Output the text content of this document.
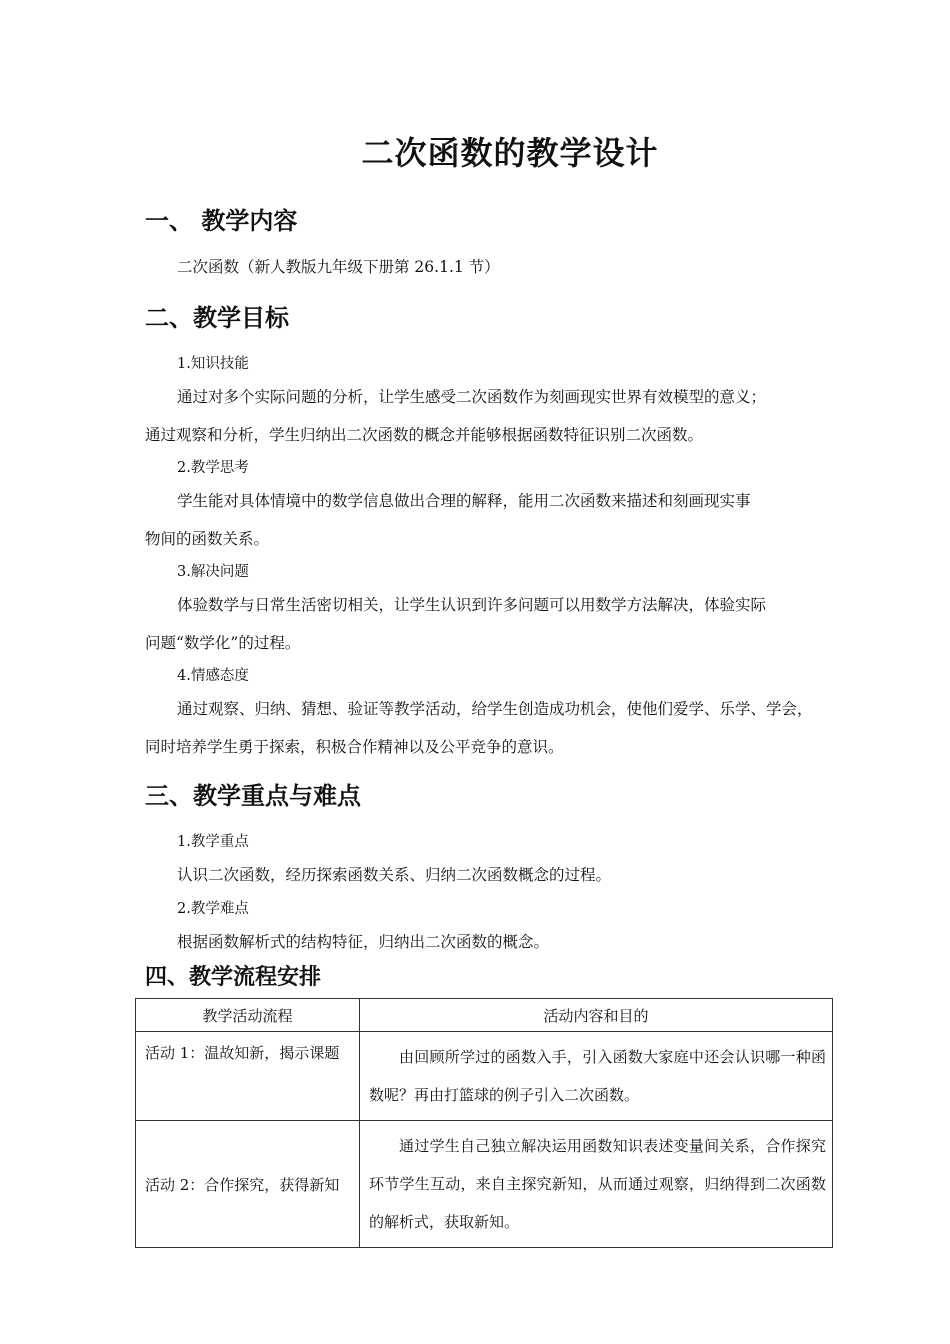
二次函数的教学设计
一、 教学内容
二次函数（新人教版九年级下册第 26.1.1 节）
二、教学目标
1.知识技能
通过对多个实际问题的分析，让学生感受二次函数作为刻画现实世界有效模型的意义；
通过观察和分析，学生归纳出二次函数的概念并能够根据函数特征识别二次函数。
2.教学思考
学生能对具体情境中的数学信息做出合理的解释，能用二次函数来描述和刻画现实事
物间的函数关系。
3.解决问题
体验数学与日常生活密切相关，让学生认识到许多问题可以用数学方法解决，体验实际
问题“数学化”的过程。
4.情感态度
通过观察、归纳、猜想、验证等教学活动，给学生创造成功机会，使他们爱学、乐学、学会，
同时培养学生勇于探索，积极合作精神以及公平竞争的意识。
三、教学重点与难点
1.教学重点
认识二次函数，经历探索函数关系、归纳二次函数概念的过程。
2.教学难点
根据函数解析式的结构特征，归纳出二次函数的概念。
四、教学流程安排
教学活动流程	活动内容和目的
活动 1：温故知新，揭示课题	由回顾所学过的函数入手，引入函数大家庭中还会认识哪一种函数呢？再由打篮球的例子引入二次函数。
活动 2：合作探究，获得新知	通过学生自己独立解决运用函数知识表述变量间关系，合作探究环节学生互动，来自主探究新知，从而通过观察，归纳得到二次函数的解析式，获取新知。
